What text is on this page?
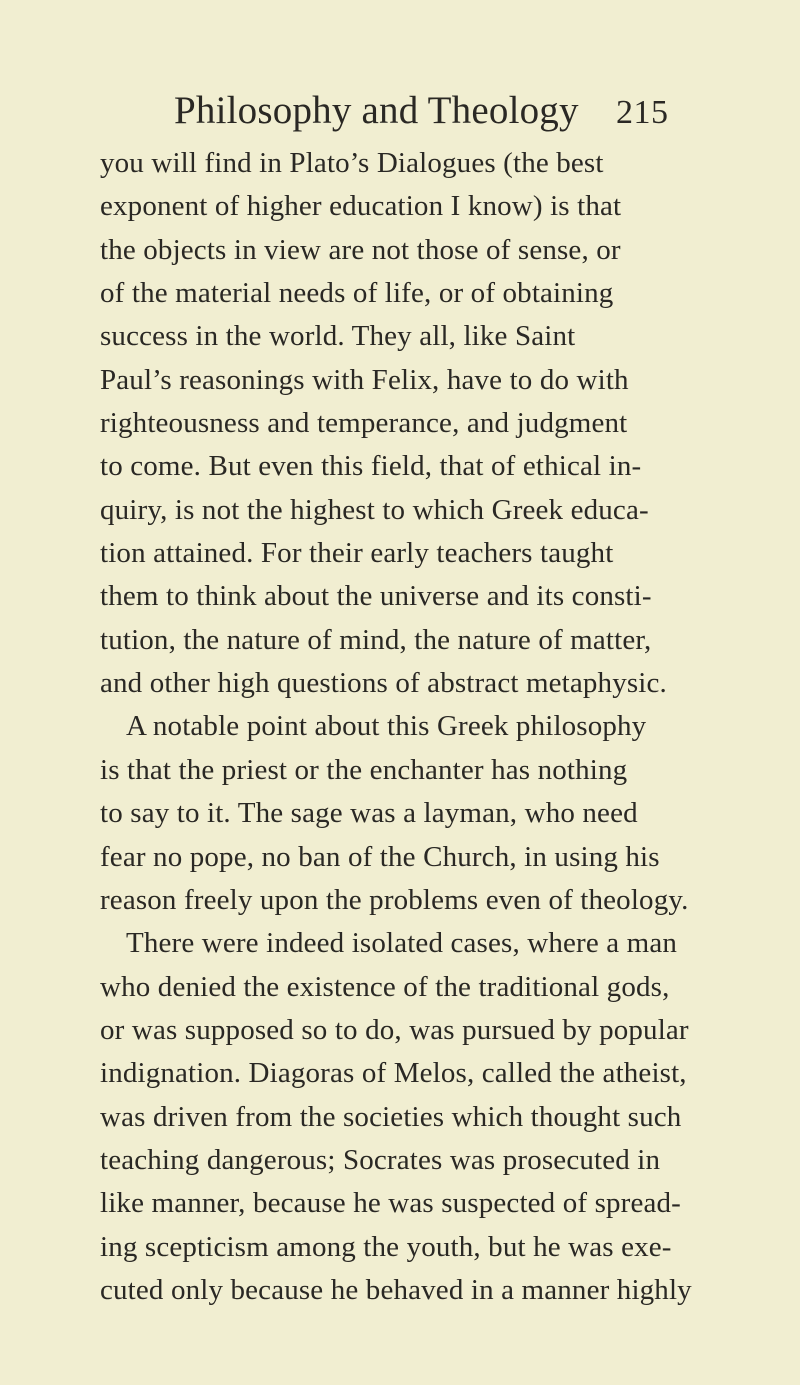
Philosophy and Theology	215
you will find in Plato’s Dialogues (the best
exponent of higher education I know) is that
the objects in view are not those of sense, or
of the material needs of life, or of obtaining
success in the world. They all, like Saint
Paul’s reasonings with Felix, have to do with
righteousness and temperance, and judgment
to come. But even this field, that of ethical in-
quiry, is not the highest to which Greek educa-
tion attained. For their early teachers taught
them to think about the universe and its consti-
tution, the nature of mind, the nature of matter,
and other high questions of abstract metaphysic.
A notable point about this Greek philosophy
is that the priest or the enchanter has nothing
to say to it. The sage was a layman, who need
fear no pope, no ban of the Church, in using his
reason freely upon the problems even of theology.
There were indeed isolated cases, where a man
who denied the existence of the traditional gods,
or was supposed so to do, was pursued by popular
indignation. Diagoras of Melos, called the atheist,
was driven from the societies which thought such
teaching dangerous; Socrates was prosecuted in
like manner, because he was suspected of spread-
ing scepticism among the youth, but he was exe-
cuted only because he behaved in a manner highly
